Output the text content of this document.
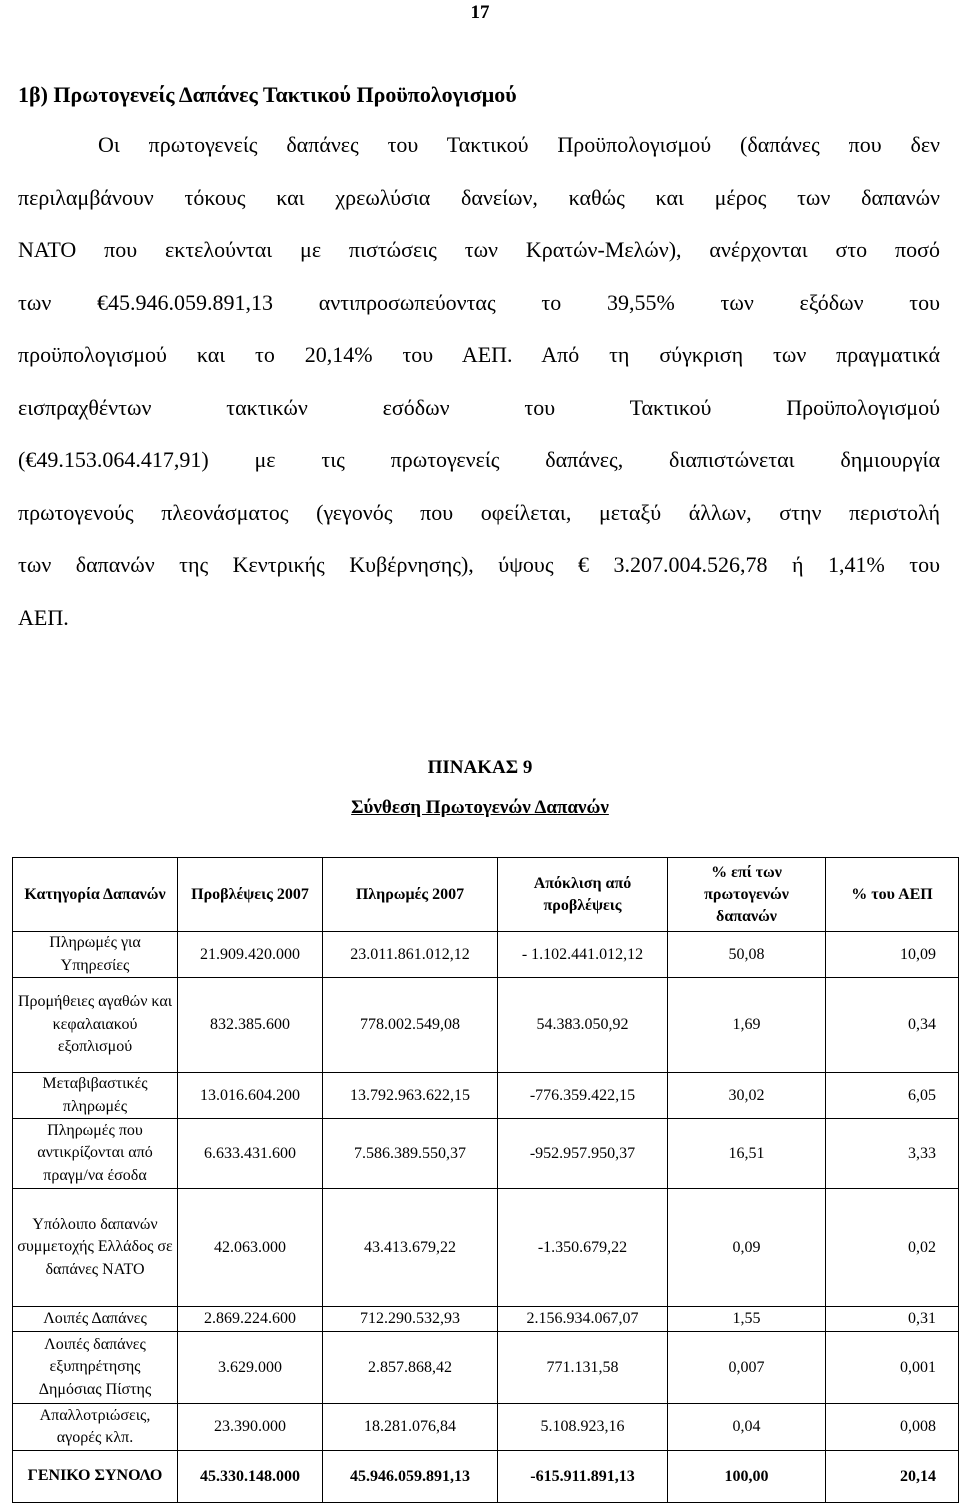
17
1β) Πρωτογενείς Δαπάνες Τακτικού Προϋπολογισμού
Οι πρωτογενείς δαπάνες του Τακτικού Προϋπολογισμού (δαπάνες που δεν
περιλαμβάνουν τόκους και χρεωλύσια δανείων, καθώς και μέρος των δαπανών
ΝΑΤΟ που εκτελούνται με πιστώσεις των Κρατών-Μελών), ανέρχονται στο ποσό
των €45.946.059.891,13 αντιπροσωπεύοντας το 39,55% των εξόδων του
προϋπολογισμού και το 20,14% του ΑΕΠ. Από τη σύγκριση των πραγματικά
εισπραχθέντων τακτικών εσόδων του Τακτικού Προϋπολογισμού
(€49.153.064.417,91) με τις πρωτογενείς δαπάνες, διαπιστώνεται δημιουργία
πρωτογενούς πλεονάσματος (γεγονός που οφείλεται, μεταξύ άλλων, στην περιστολή
των δαπανών της Κεντρικής Κυβέρνησης), ύψους € 3.207.004.526,78 ή 1,41% του
ΑΕΠ.
ΠΙΝΑΚΑΣ 9
Σύνθεση Πρωτογενών Δαπανών
Κατηγορία Δαπανών	Προβλέψεις 2007	Πληρωμές 2007	Απόκλιση από προβλέψεις	% επί των πρωτογενών δαπανών	% του ΑΕΠ
Πληρωμές για Υπηρεσίες	21.909.420.000	23.011.861.012,12	- 1.102.441.012,12	50,08	10,09
Προμήθειες αγαθών και κεφαλαιακού εξοπλισμού	832.385.600	778.002.549,08	54.383.050,92	1,69	0,34
Μεταβιβαστικές πληρωμές	13.016.604.200	13.792.963.622,15	-776.359.422,15	30,02	6,05
Πληρωμές που αντικρίζονται από πραγμ/να έσοδα	6.633.431.600	7.586.389.550,37	-952.957.950,37	16,51	3,33
Υπόλοιπο δαπανών συμμετοχής Ελλάδος σε δαπάνες ΝΑΤΟ	42.063.000	43.413.679,22	-1.350.679,22	0,09	0,02
Λοιπές Δαπάνες	2.869.224.600	712.290.532,93	2.156.934.067,07	1,55	0,31
Λοιπές δαπάνες εξυπηρέτησης Δημόσιας Πίστης	3.629.000	2.857.868,42	771.131,58	0,007	0,001
Απαλλοτριώσεις, αγορές κλπ.	23.390.000	18.281.076,84	5.108.923,16	0,04	0,008
ΓΕΝΙΚΟ ΣΥΝΟΛΟ	45.330.148.000	45.946.059.891,13	-615.911.891,13	100,00	20,14
